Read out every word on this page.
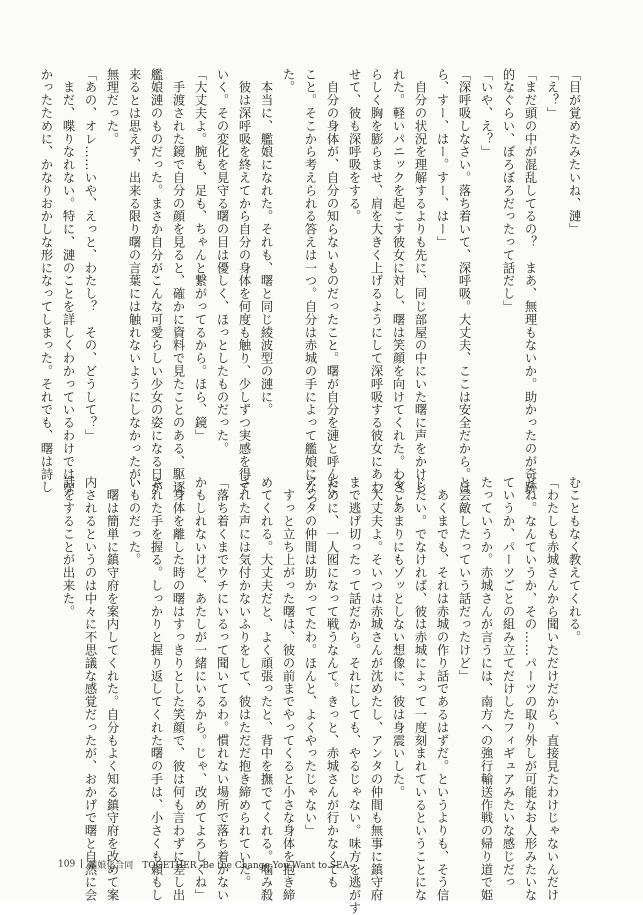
「目が覚めたみたいね、漣」
「え？」
「まだ頭の中が混乱してるの？　まあ、無理もないか。助かったのが奇跡
的なぐらい、ぼろぼろだったって話だし」
「いや、え？」
「深呼吸しなさい。落ち着いて、深呼吸。大丈夫、ここは安全だから。ほ
ら、すー、はー。すー、はー」
　自分の状況を理解するよりも先に、同じ部屋の中にいた曙に声をかけら
れた。軽いパニックを起こす彼女に対し、曙は笑顔を向けてくれた。わざと
らしく胸を膨らませ、肩を大きく上げるようにして深呼吸する彼女にあわ
せて、彼も深呼吸をする。
　自分の身体が、自分の知らないものだったこと。曙が自分を漣と呼んだ
こと。そこから考えられる答えは一つ。自分は赤城の手によって艦娘になっ
た。
　本当に、艦娘になれた。それも、曙と同じ綾波型の漣に。
　彼は深呼吸を終えてから自分の身体を何度も触り、少しずつ実感を得て
いく。その変化を見守る曙の目は優しく、ほっとしたものだった。
「大丈夫よ。腕も、足も、ちゃんと繋がってるから。ほら、鏡」
　手渡された鏡で自分の顔を見ると、確かに資料で見たことのある、駆逐
艦娘漣のものだった。まさか自分がこんな可愛らしい少女の姿になる日が
来るとは思えず、出来る限り曙の言葉には触れないようにしなかったが、
無理だった。
「あの、オレ……いや、えっと、わたし？　その、どうして？」
　まだ、喋りなれない。特に、漣のことを詳しくわかっているわけではな
かったために、かなりおかしな形になってしまった。それでも、曙は詩し
むこともなく教えてくれる。
「わたしも赤城さんから聞いただけだから、直接見たわけじゃないんだけ
どね。なんていうか、その……パーツの取り外しが可能なお人形みたいな
ていうか、パーツごとの組み立てだけしたフィギュアみたいな感じだっ
たっていうか。赤城さんが言うには、南方への強行輸送作戦の帰り道で姫
と会敵したっていう話だったけど」
　あくまでも、それは赤城の作り話であるはずだ。というよりも、そう信
じたい。でなければ、彼は赤城によって一度刻まれているということにな
る。あまりにもゾッとしない想像に、彼は身震いした。
「大丈夫よ。そいつは赤城さんが沈めたし、アンタの仲間も無事に鎮守府
まで逃げ切ったって話だから。それにしても、やるじゃない。味方を逃がす
ために、一人囮になって戦うなんて。きっと、赤城さんが行かなくても
アンタの仲間は助かってたわ。ほんと、よくやったじゃない」
　すっと立ち上がった曙は、彼の前までやってくると小さな身体を抱き締
めてくれる。大丈夫だと、よく頑張ったと、背中を撫でてくれる。噛み殺
された声には気付かないふりをして、彼はただだ抱き締められていた。
「落ち着くまでウチにいるって聞いてるわ。慣れない場所で落ち着かない
かもしれないけど、あたしが一緒にいるから。じゃ、改めてよろしくね」
　身体を離した時の曙はすっきりとした笑顔で、彼は何も言わずに差し出
された手を握る。しっかりと握り返してくれた曙の手は、小さくも頼もし
いものだった。
　曙は簡単に鎮守府を案内してくれた。自分もよく知る鎮守府を改めて案
内されるというのは中々に不思議な感覚だったが、おかげで曙と自然に会
話をすることが出来た。
109 艦娘化合同　TOGETHER -Be the Change You Want to SEA-
